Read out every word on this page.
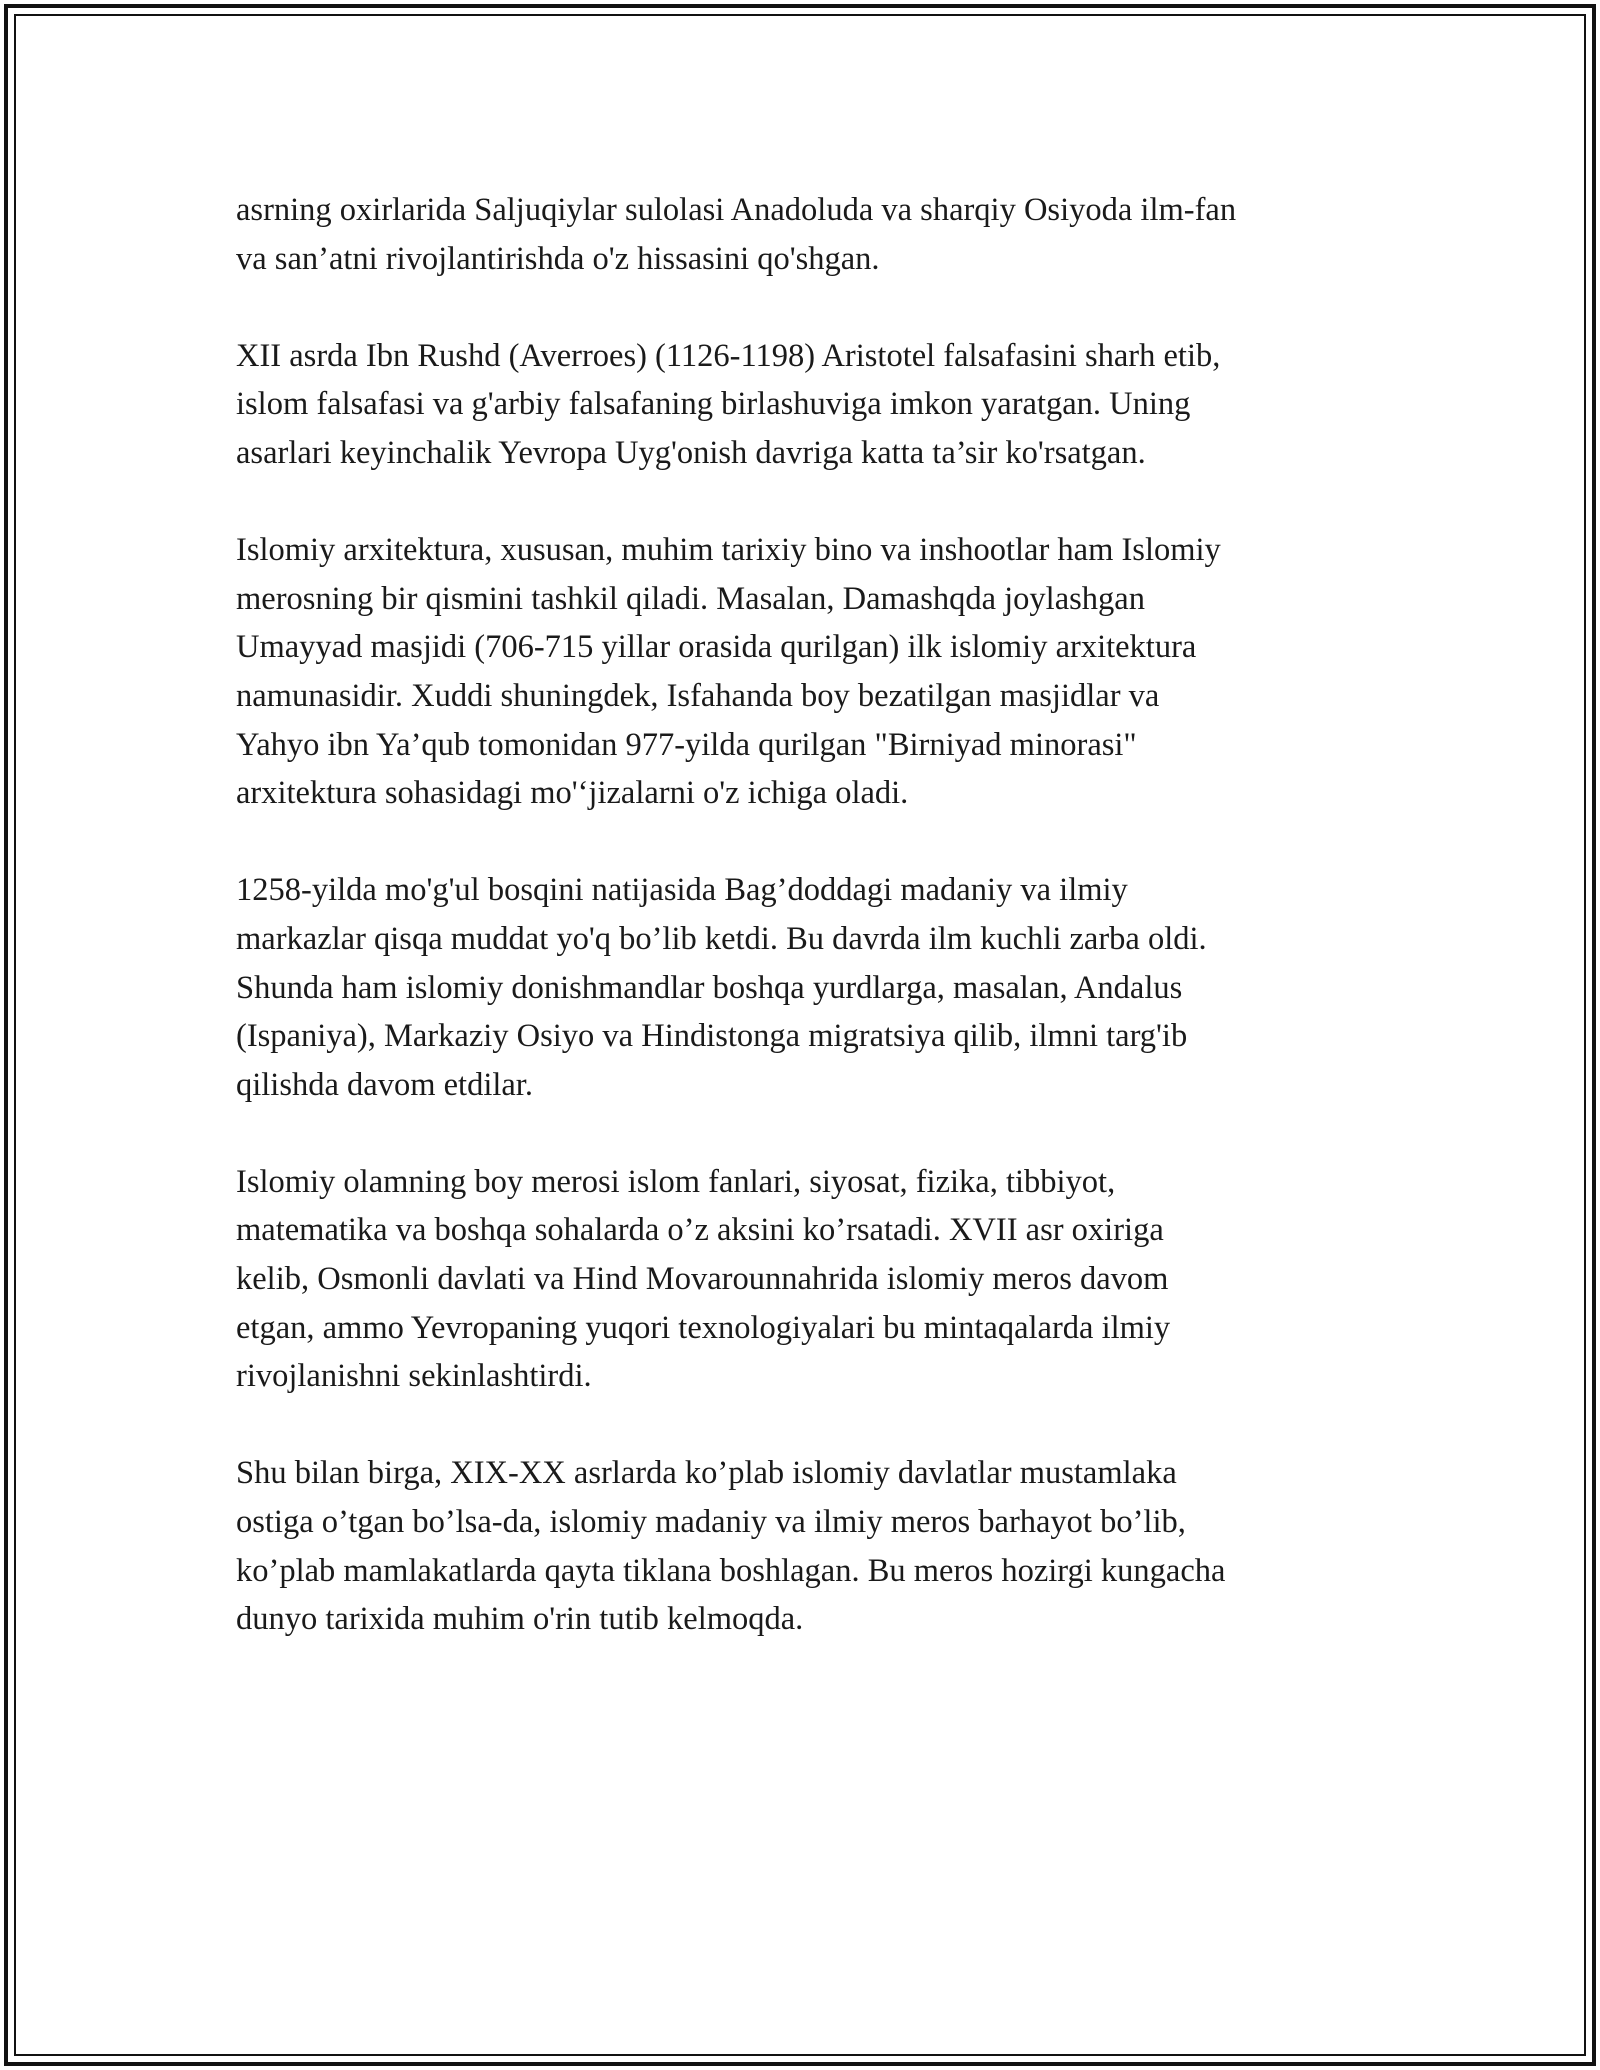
asrning oxirlarida Saljuqiylar sulolasi Anadoluda va sharqiy Osiyoda ilm-fan
va san’atni rivojlantirishda o'z hissasini qo'shgan.

XII asrda Ibn Rushd (Averroes) (1126-1198) Aristotel falsafasini sharh etib,
islom falsafasi va g'arbiy falsafaning birlashuviga imkon yaratgan. Uning
asarlari keyinchalik Yevropa Uyg'onish davriga katta ta’sir ko'rsatgan.

Islomiy arxitektura, xususan, muhim tarixiy bino va inshootlar ham Islomiy
merosning bir qismini tashkil qiladi. Masalan, Damashqda joylashgan
Umayyad masjidi (706-715 yillar orasida qurilgan) ilk islomiy arxitektura
namunasidir. Xuddi shuningdek, Isfahanda boy bezatilgan masjidlar va
Yahyo ibn Ya’qub tomonidan 977-yilda qurilgan "Birniyad minorasi"
arxitektura sohasidagi mo'‘jizalarni o'z ichiga oladi.

1258-yilda mo'g'ul bosqini natijasida Bag’doddagi madaniy va ilmiy
markazlar qisqa muddat yo'q bo’lib ketdi. Bu davrda ilm kuchli zarba oldi.
Shunda ham islomiy donishmandlar boshqa yurdlarga, masalan, Andalus
(Ispaniya), Markaziy Osiyo va Hindistonga migratsiya qilib, ilmni targ'ib
qilishda davom etdilar.

Islomiy olamning boy merosi islom fanlari, siyosat, fizika, tibbiyot,
matematika va boshqa sohalarda o’z aksini ko’rsatadi. XVII asr oxiriga
kelib, Osmonli davlati va Hind Movarounnahrida islomiy meros davom
etgan, ammo Yevropaning yuqori texnologiyalari bu mintaqalarda ilmiy
rivojlanishni sekinlashtirdi.

Shu bilan birga, XIX-XX asrlarda ko’plab islomiy davlatlar mustamlaka
ostiga o’tgan bo’lsa-da, islomiy madaniy va ilmiy meros barhayot bo’lib,
ko’plab mamlakatlarda qayta tiklana boshlagan. Bu meros hozirgi kungacha
dunyo tarixida muhim o'rin tutib kelmoqda.
